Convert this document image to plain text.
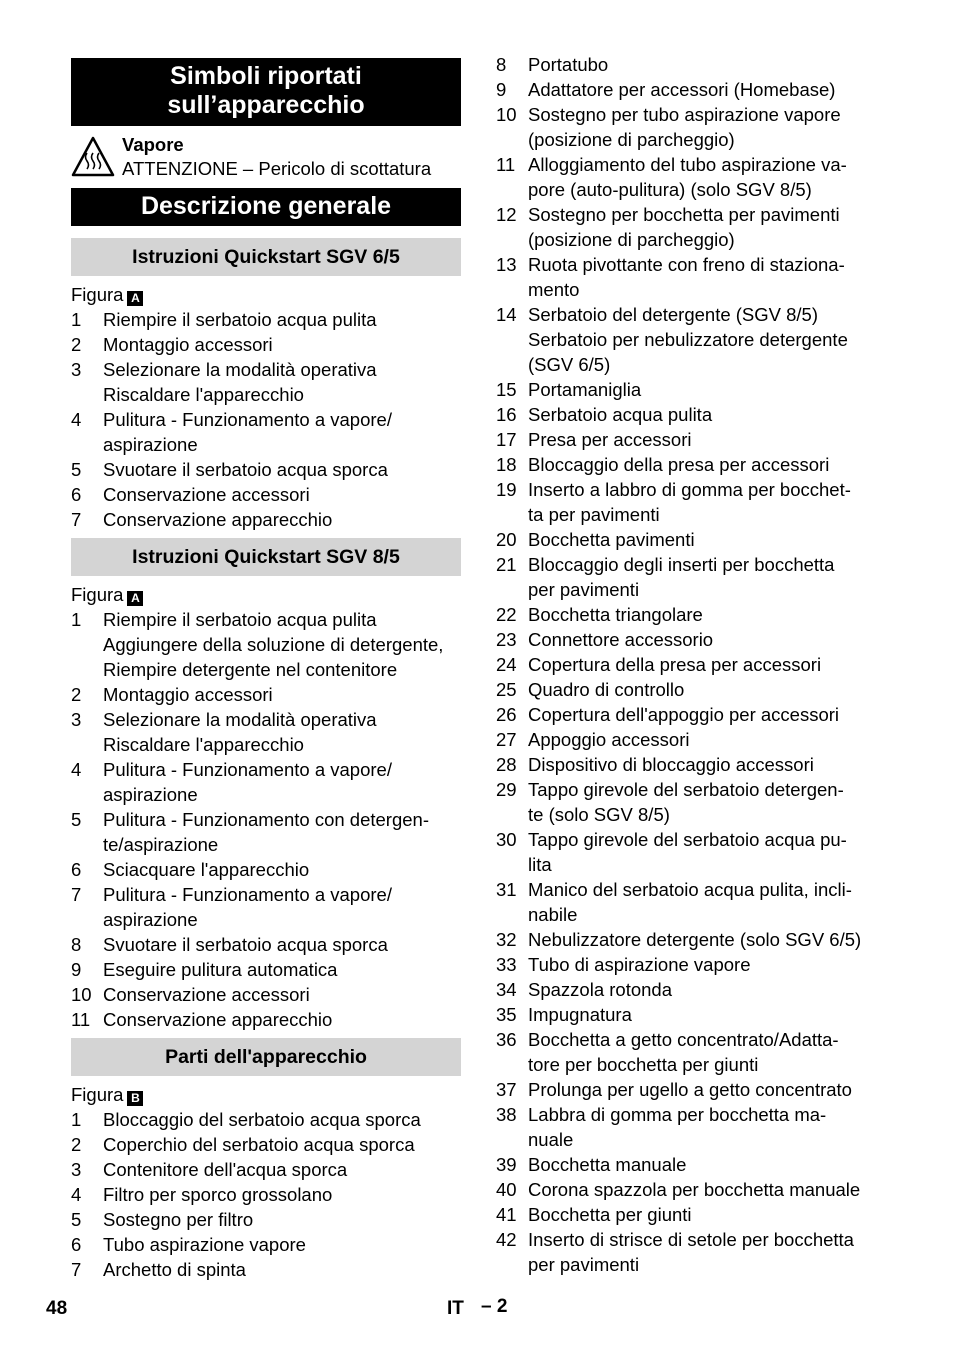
Simboli riportati sull’apparecchio
Vapore
ATTENZIONE – Pericolo di scottatura
Descrizione generale
Istruzioni Quickstart SGV 6/5
Figura A
1	Riempire il serbatoio acqua pulita
2	Montaggio accessori
3	Selezionare la modalità operativa
Riscaldare l'apparecchio
4	Pulitura - Funzionamento a vapore/
aspirazione
5	Svuotare il serbatoio acqua sporca
6	Conservazione accessori
7	Conservazione apparecchio
Istruzioni Quickstart SGV 8/5
Figura A
1	Riempire il serbatoio acqua pulita
Aggiungere della soluzione di detergente,
Riempire detergente nel contenitore
2	Montaggio accessori
3	Selezionare la modalità operativa
Riscaldare l'apparecchio
4	Pulitura - Funzionamento a vapore/
aspirazione
5	Pulitura - Funzionamento con detergen-
te/aspirazione
6	Sciacquare l'apparecchio
7	Pulitura - Funzionamento a vapore/
aspirazione
8	Svuotare il serbatoio acqua sporca
9	Eseguire pulitura automatica
10 Conservazione accessori
11 Conservazione apparecchio
Parti dell'apparecchio
Figura B
1	Bloccaggio del serbatoio acqua sporca
2	Coperchio del serbatoio acqua sporca
3	Contenitore dell'acqua sporca
4	Filtro per sporco grossolano
5	Sostegno per filtro
6	Tubo aspirazione vapore
7	Archetto di spinta
8	Portatubo
9	Adattatore per accessori (Homebase)
10 Sostegno per tubo aspirazione vapore
(posizione di parcheggio)
11 Alloggiamento del tubo aspirazione va-
pore (auto-pulitura) (solo SGV 8/5)
12 Sostegno per bocchetta per pavimenti
(posizione di parcheggio)
13 Ruota pivottante con freno di staziona-
mento
14 Serbatoio del detergente (SGV 8/5)
Serbatoio per nebulizzatore detergente
(SGV 6/5)
15 Portamaniglia
16 Serbatoio acqua pulita
17 Presa per accessori
18 Bloccaggio della presa per accessori
19 Inserto a labbro di gomma per bocchet-
ta per pavimenti
20 Bocchetta pavimenti
21 Bloccaggio degli inserti per bocchetta
per pavimenti
22 Bocchetta triangolare
23 Connettore accessorio
24 Copertura della presa per accessori
25 Quadro di controllo
26 Copertura dell'appoggio per accessori
27 Appoggio accessori
28 Dispositivo di bloccaggio accessori
29 Tappo girevole del serbatoio detergen-
te (solo SGV 8/5)
30 Tappo girevole del serbatoio acqua pu-
lita
31 Manico del serbatoio acqua pulita, incli-
nabile
32 Nebulizzatore detergente (solo SGV 6/5)
33 Tubo di aspirazione vapore
34 Spazzola rotonda
35 Impugnatura
36 Bocchetta a getto concentrato/Adatta-
tore per bocchetta per giunti
37 Prolunga per ugello a getto concentrato
38 Labbra di gomma per bocchetta ma-
nuale
39 Bocchetta manuale
40 Corona spazzola per bocchetta manuale
41 Bocchetta per giunti
42 Inserto di strisce di setole per bocchetta
per pavimenti
48	IT – 2
